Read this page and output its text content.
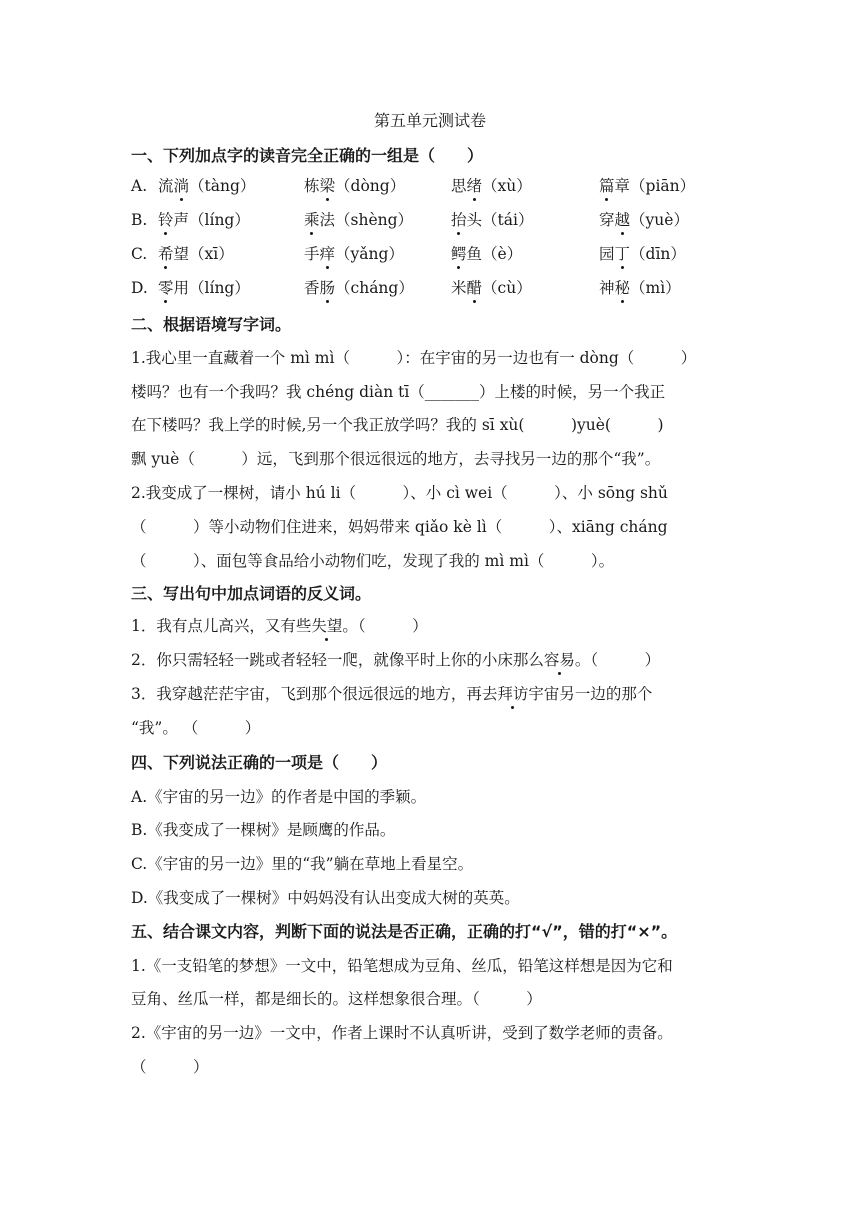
第五单元测试卷
一、下列加点字的读音完全正确的一组是（　　）
A. 流淌（tàng）	栋梁（dòng）	思绪（xù）	篇章（piān）
B. 铃声（líng）	乘法（shèng） 抬头（tái）	穿越（yuè）
C. 希望（xī）	手痒（yǎng）	鳄鱼（è）	园丁（dīn）
D. 零用（líng）	香肠（cháng） 米醋（cù）	神秘（mì）
二、根据语境写字词。
1.我心里一直藏着一个 mì mì（　　　）：在宇宙的另一边也有一 dòng（　　　）
楼吗？也有一个我吗？我 chéng diàn tī（_______）上楼的时候，另一个我正
在下楼吗？我上学的时候,另一个我正放学吗？我的 sī xù(　　　)yuè(　　　)
飘 yuè（　　　）远，飞到那个很远很远的地方，去寻找另一边的那个“我”。
2.我变成了一棵树，请小 hú li（　　　）、小 cì wei（　　　）、小 sōng shǔ
（　　　）等小动物们住进来，妈妈带来 qiǎo kè lì（　　　）、xiāng cháng
（　　　）、面包等食品给小动物们吃，发现了我的 mì mì（　　　）。
三、写出句中加点词语的反义词。
1．我有点儿高兴，又有些失望。（　　　）
2．你只需轻轻一跳或者轻轻一爬，就像平时上你的小床那么容易。（　　　）
3．我穿越茫茫宇宙，飞到那个很远很远的地方，再去拜访宇宙另一边的那个
“我”。 （　　　）
四、下列说法正确的一项是（　　）
A.《宇宙的另一边》的作者是中国的季颖。
B.《我变成了一棵树》是顾鹰的作品。
C.《宇宙的另一边》里的“我”躺在草地上看星空。
D.《我变成了一棵树》中妈妈没有认出变成大树的英英。
五、结合课文内容，判断下面的说法是否正确，正确的打“√”，错的打“×”。
1.《一支铅笔的梦想》一文中，铅笔想成为豆角、丝瓜，铅笔这样想是因为它和
豆角、丝瓜一样，都是细长的。这样想象很合理。（　　　）
2.《宇宙的另一边》一文中，作者上课时不认真听讲，受到了数学老师的责备。
（　　　）
